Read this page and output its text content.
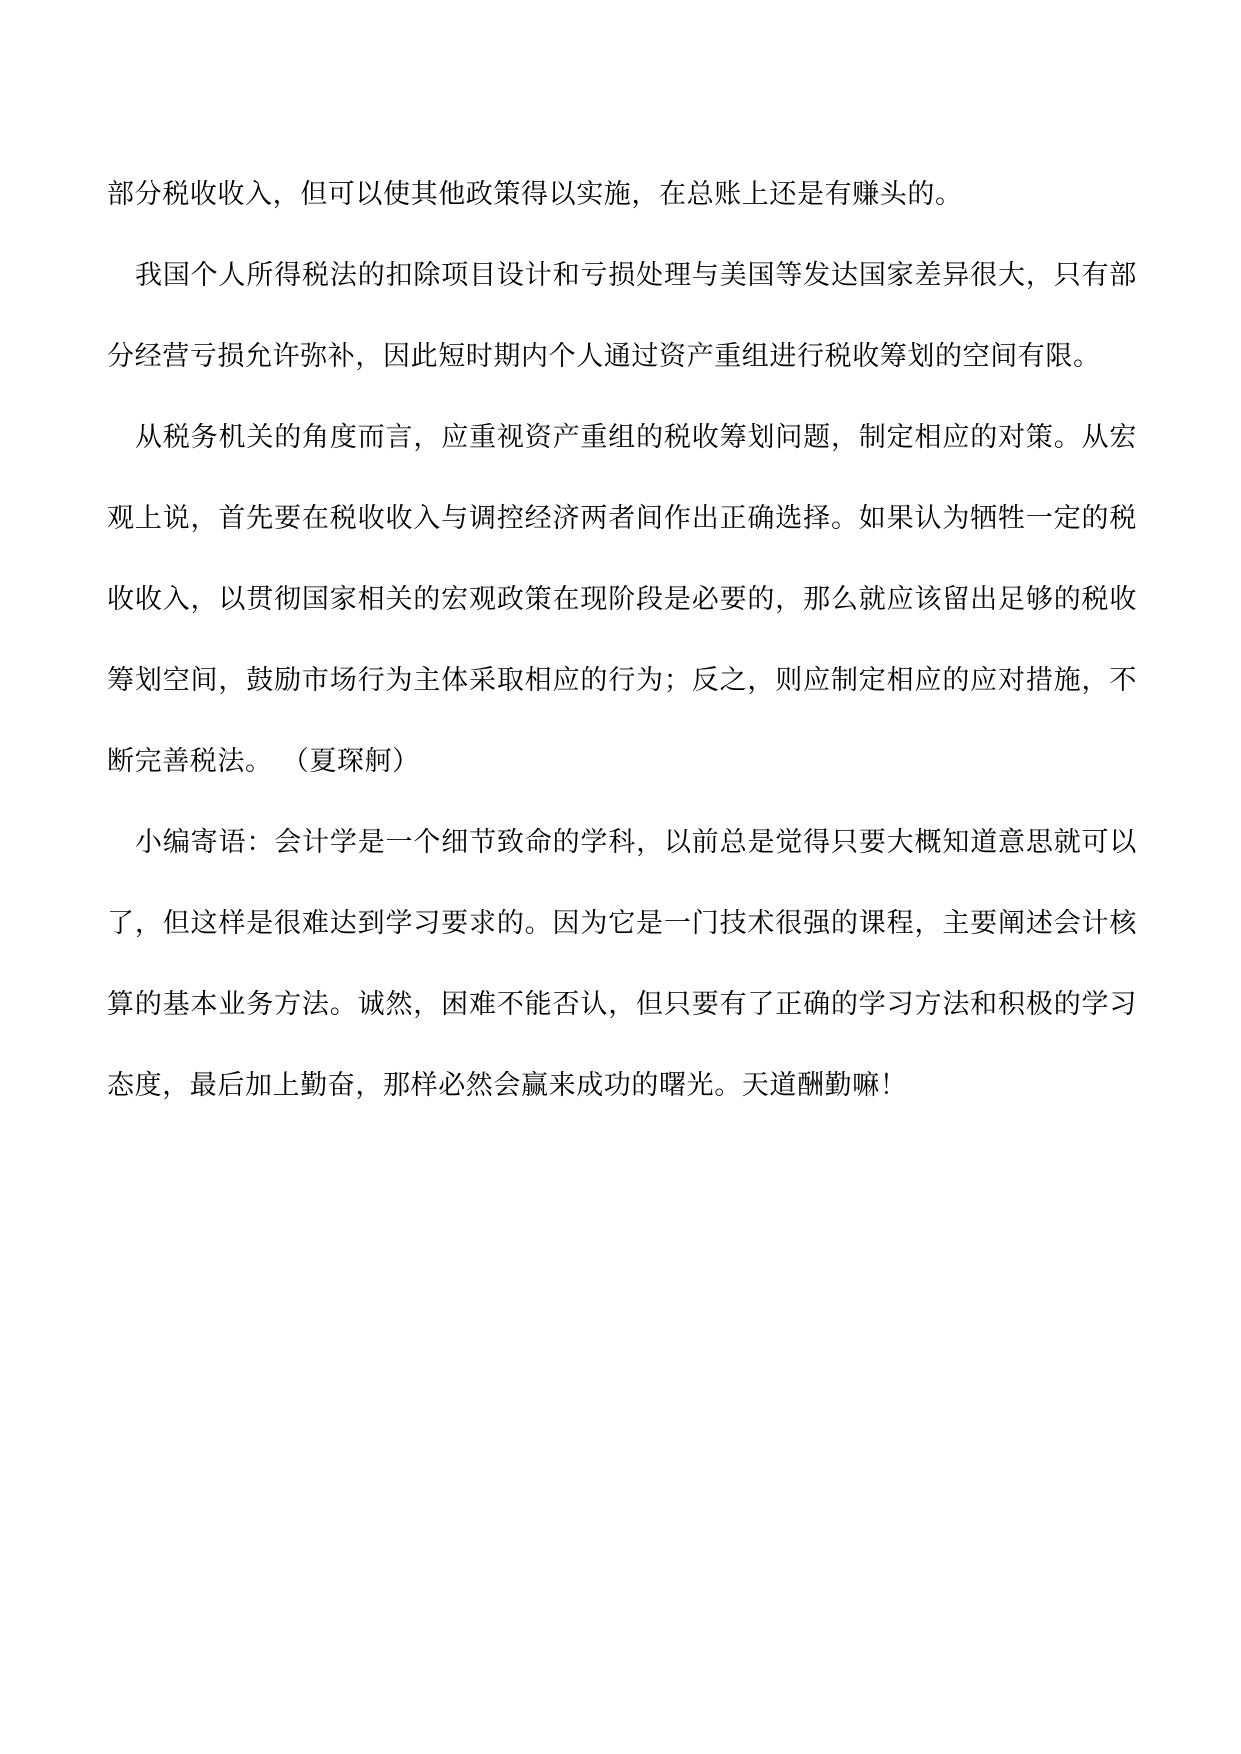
部分税收收入，但可以使其他政策得以实施，在总账上还是有赚头的。

我国个人所得税法的扣除项目设计和亏损处理与美国等发达国家差异很大，只有部分经营亏损允许弥补，因此短时期内个人通过资产重组进行税收筹划的空间有限。

从税务机关的角度而言，应重视资产重组的税收筹划问题，制定相应的对策。从宏观上说，首先要在税收收入与调控经济两者间作出正确选择。如果认为牺牲一定的税收收入，以贯彻国家相关的宏观政策在现阶段是必要的，那么就应该留出足够的税收筹划空间，鼓励市场行为主体采取相应的行为；反之，则应制定相应的应对措施，不断完善税法。 （夏琛舸）

小编寄语：会计学是一个细节致命的学科，以前总是觉得只要大概知道意思就可以了，但这样是很难达到学习要求的。因为它是一门技术很强的课程，主要阐述会计核算的基本业务方法。诚然，困难不能否认，但只要有了正确的学习方法和积极的学习态度，最后加上勤奋，那样必然会赢来成功的曙光。天道酬勤嘛！
